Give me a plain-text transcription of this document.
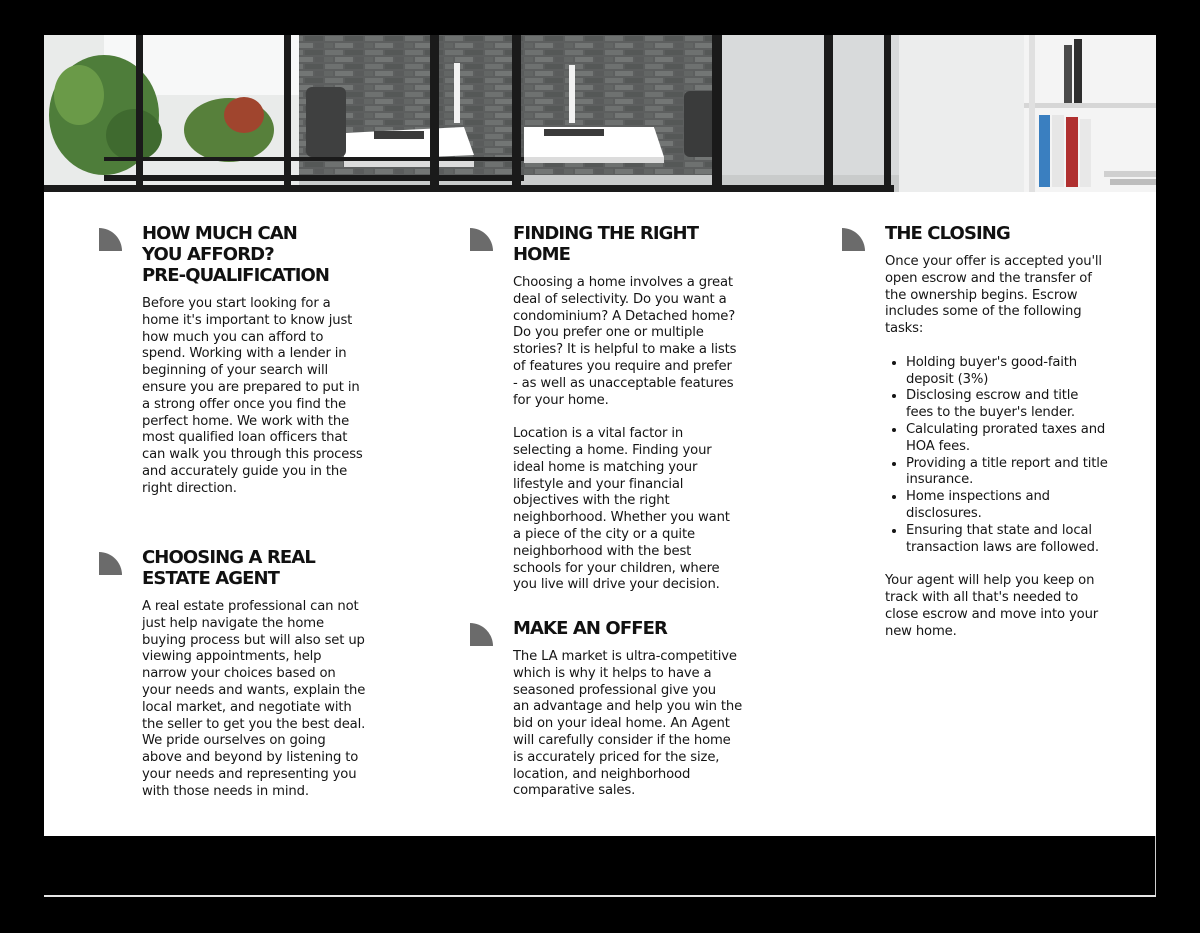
HOW MUCH CAN
YOU AFFORD?
PRE-QUALIFICATION
Before you start looking for a
home it's important to know just
how much you can afford to
spend. Working with a lender in
beginning of your search will
ensure you are prepared to put in
a strong offer once you find the
perfect home. We work with the
most qualified loan officers that
can walk you through this process
and accurately guide you in the
right direction.
CHOOSING A REAL
ESTATE AGENT
A real estate professional can not
just help navigate the home
buying process but will also set up
viewing appointments, help
narrow your choices based on
your needs and wants, explain the
local market, and negotiate with
the seller to get you the best deal.
We pride ourselves on going
above and beyond by listening to
your needs and representing you
with those needs in mind.
FINDING THE RIGHT
HOME
Choosing a home involves a great
deal of selectivity. Do you want a
condominium? A Detached home?
Do you prefer one or multiple
stories? It is helpful to make a lists
of features you require and prefer
- as well as unacceptable features
for your home.
Location is a vital factor in
selecting a home. Finding your
ideal home is matching your
lifestyle and your financial
objectives with the right
neighborhood. Whether you want
a piece of the city or a quite
neighborhood with the best
schools for your children, where
you live will drive your decision.
MAKE AN OFFER
The LA market is ultra-competitive
which is why it helps to have a
seasoned professional give you
an advantage and help you win the
bid on your ideal home. An Agent
will carefully consider if the home
is accurately priced for the size,
location, and neighborhood
comparative sales.
THE CLOSING
Once your offer is accepted you'll
open escrow and the transfer of
the ownership begins. Escrow
includes some of the following
tasks:
• Holding buyer's good-faith
deposit (3%)
• Disclosing escrow and title
fees to the buyer's lender.
• Calculating prorated taxes and
HOA fees.
• Providing a title report and title
insurance.
• Home inspections and
disclosures.
• Ensuring that state and local
transaction laws are followed.
Your agent will help you keep on
track with all that's needed to
close escrow and move into your
new home.
